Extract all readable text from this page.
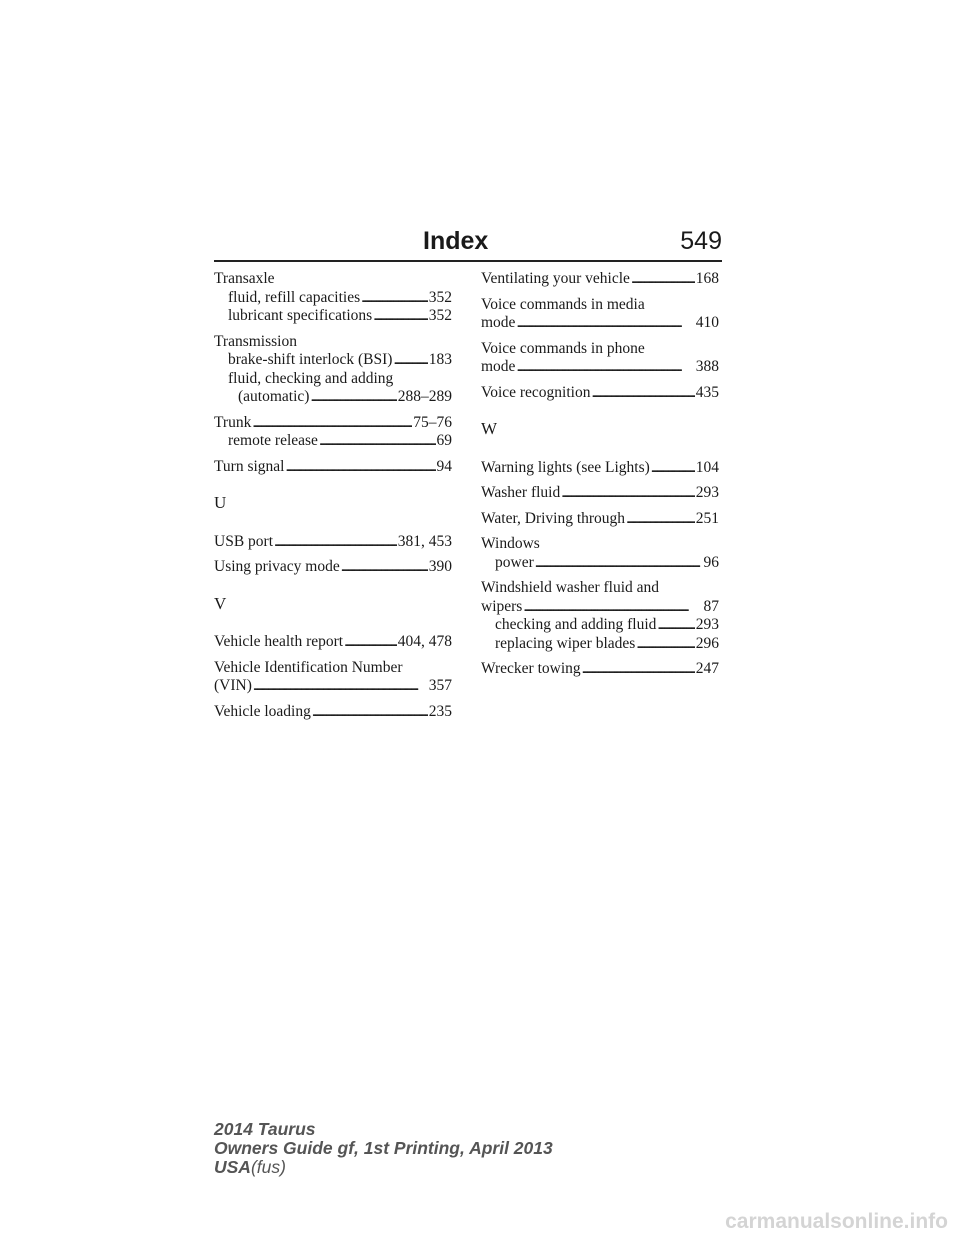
Index	549
Transaxle
fluid, refill capacities . . .	352
lubricant specifications . . .	352
Transmission
brake-shift interlock (BSI) . . . 183
fluid, checking and adding
(automatic) . . .	288–289
Trunk . . .	75–76
remote release . . .	69
Turn signal . . .	94
U
USB port . . .	381, 453
Using privacy mode . . .	390
V
Vehicle health report . . .	404, 478
Vehicle Identification Number
(VIN) . . .	357
Vehicle loading . . .	235
Ventilating your vehicle . . .	168
Voice commands in media
mode . . .	410
Voice commands in phone
mode . . .	388
Voice recognition . . .	435
W
Warning lights (see Lights) . . .	104
Washer fluid . . .	293
Water, Driving through . . .	251
Windows
power . . .	96
Windshield washer fluid and
wipers . . .	87
checking and adding fluid . . .	293
replacing wiper blades . . .	296
Wrecker towing . . .	247
2014 Taurus
Owners Guide gf, 1st Printing, April 2013
USA(fus)
carmanualsonline.info
